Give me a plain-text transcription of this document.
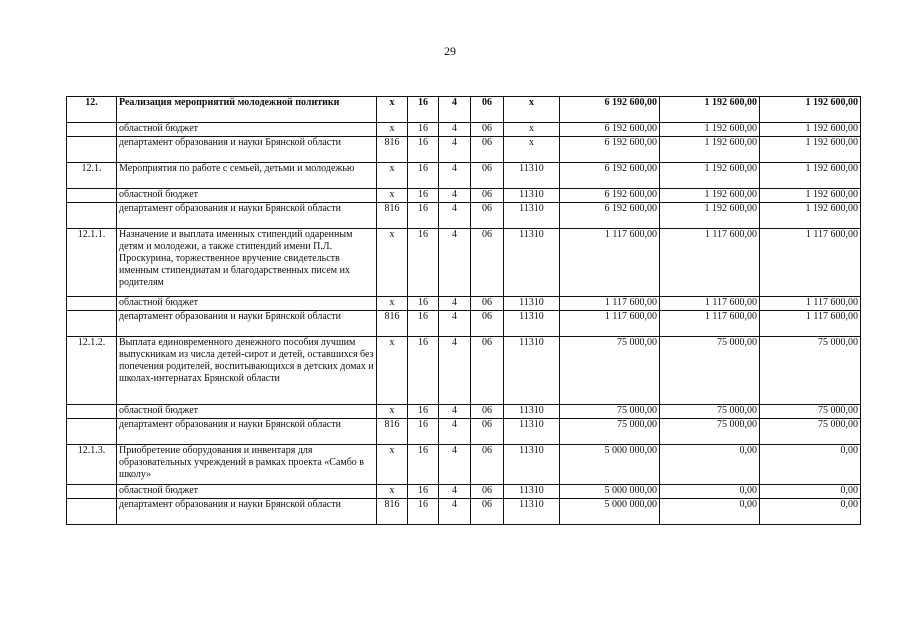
29
12.	Реализация мероприятий молодежной политики	x	16	4	06	x	6 192 600,00	1 192 600,00	1 192 600,00
	областной бюджет	x	16	4	06	x	6 192 600,00	1 192 600,00	1 192 600,00
	департамент образования и науки Брянской области	816	16	4	06	x	6 192 600,00	1 192 600,00	1 192 600,00
12.1.	Мероприятия по работе с семьей, детьми и молодежью	x	16	4	06	11310	6 192 600,00	1 192 600,00	1 192 600,00
	областной бюджет	x	16	4	06	11310	6 192 600,00	1 192 600,00	1 192 600,00
	департамент образования и науки Брянской области	816	16	4	06	11310	6 192 600,00	1 192 600,00	1 192 600,00
12.1.1.	Назначение и выплата именных стипендий одаренным детям и молодежи, а также стипендий имени П.Л. Проскурина, торжественное вручение свидетельств именным стипендиатам и благодарственных писем их родителям	x	16	4	06	11310	1 117 600,00	1 117 600,00	1 117 600,00
	областной бюджет	x	16	4	06	11310	1 117 600,00	1 117 600,00	1 117 600,00
	департамент образования и науки Брянской области	816	16	4	06	11310	1 117 600,00	1 117 600,00	1 117 600,00
12.1.2.	Выплата единовременного денежного пособия лучшим выпускникам из числа детей-сирот и детей, оставшихся без попечения родителей, воспитывающихся в детских домах и школах-интернатах Брянской области	x	16	4	06	11310	75 000,00	75 000,00	75 000,00
	областной бюджет	x	16	4	06	11310	75 000,00	75 000,00	75 000,00
	департамент образования и науки Брянской области	816	16	4	06	11310	75 000,00	75 000,00	75 000,00
12.1.3.	Приобретение оборудования и инвентаря для образовательных учреждений в рамках проекта «Самбо в школу»	x	16	4	06	11310	5 000 000,00	0,00	0,00
	областной бюджет	x	16	4	06	11310	5 000 000,00	0,00	0,00
	департамент образования и науки Брянской области	816	16	4	06	11310	5 000 000,00	0,00	0,00
